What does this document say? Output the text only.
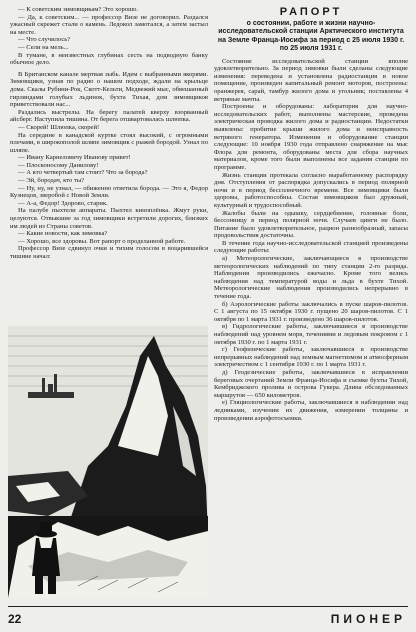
— К советским зимовщикам? Это хорошо.

— Да, к советским... — профессор Визе не договорил. Раздался ужасный скрежет стали о камень. Ледокол замотался, а затем застыл на месте.

— Что случилось?

— Сели на мель...

В тумане, в неизвестных глубинах сесть на подводную банку обычное дело.

В Британском канале мертвая зыбь. Идем с выбранными якорями. Зимовщики, узнав по радио о нашем подходе, ждали на крыльце дома. Скалы Рубини-Рок, Скотт-Кельти, Медвежий мыс, обвешанный гирляндами голубых льдинок, бухта Тихая, дом зимовщиков приветствовали нас...

Раздались выстрелы. На берегу палатей кверху взорванный айсберг. Наступила тишина. От берега отшвартовалась шлюпка.

— Скорей! Шлюпка, скорей!

На середине в канадской куртке стоял высокий, с огромными плечами, в широкополой шляпе зимовщик с рыжей бородой. Узнал по шляпе.

— Ивану Карнеловичу Иванову привет!

— Плосконосому Данилову!

— А кто четвертый там стоит? Что за борода?

— Эй, бородач, кто ты?

— Ну, ну, не узнал, — обиженно ответила борода. — Это я, Федор Кузнецов, зверобой с Новой Земли.

— А-а, Федор! Здорово, старик.

На палубе пыхтели аппараты. Пыхтел киноплёнка. Жмут руки, целуются. Отвыкшие за год зимовщики встретили дорогих, близких им людей из Страны советов.

— Какие новости, как зимовка?

— Хорошо, все здоровы. Вот рапорт о проделанной работе.

Профессор Визе сдвинул очки и тихим голосом в воцарившейся тишине начал:

РАПОРТ
о состоянии, работе и жизни научно-исследовательской станции Арктического института на Земле Франца-Иосифа за период с 25 июля 1930 г. по 25 июля 1931 г.

Состояние исследовательской станции вполне удовлетворительно. За период зимовки были сделаны следующие изменения: переведена и установлена радиостанция в новое помещение, произведен капитальный ремонт моторов, построены: оранжерея, сарай, тамбур жилого дома и угольник; поставлены 4 ветряные мачты.

Построены и оборудованы: лаборатория для научно-исследовательских работ, выполнены мастерские, проведена электрическая проводка жилого дома и радиостанции. Недостатки выявлены: пробитие крыши жилого дома и неисправность ветряного генератора. Изменения и оборудование станции следующие: 10 ноября 1930 года отправлено снаряжение на мыс Флора для ремонта, оборудованы места для сбора научных материалов, кроме того были выполнены все задания станции по программе.

Жизнь станции протекала согласно выработанному распорядку дня. Отступления от распорядка допускались в период полярной ночи и в период бессолнечного времени. Все зимовщики были здоровы, работоспособны. Состав зимовщиков был дружный, культурный и трудоспособный.

Жалобы были на одышку, сердцебиение, головные боли, бессонницу в период полярной ночи. Случаев цинги не было. Питание было удовлетворительное, рацион разнообразный, запасы продовольствия достаточны.

В течение года научно-исследовательской станцией произведены следующие работы:

а) Метеорологические, заключающиеся в производстве метеорологических наблюдений по типу станции 2-го разряда. Наблюдения производились ежечасно. Кроме того велись наблюдения над температурой воды и льда в бухте Тихой. Метеорологические наблюдения производились непрерывно в течение года.

б) Аэрологические работы заключались в пуске шаров-пилотов. С 1 августа по 15 октября 1930 г. пущено 20 шаров-пилотов. С 1 октября по 1 марта 1931 г. произведено 36 шаров-пилотов.

в) Гидрологические работы, заключавшиеся в производстве наблюдений над уровнем моря, течениями и ледовым покровом с 1 октября 1930 г. по 1 марта 1931 г.

г) Геофизические работы, заключавшиеся в производстве непрерывных наблюдений над земным магнетизмом и атмосферным электричеством с 1 сентября 1930 г. по 1 марта 1931 г.

д) Геодезические работы, заключавшиеся в исправлении береговых очертаний Земли Франца-Иосифа и съемке бухты Тихой, Кембриджского пролива и острова Гукера. Длина обследованных маршрутов — 650 километров.

е) Гляциологические работы, заключавшиеся в наблюдении над ледниками, изучении их движения, измерении толщины и произведении аэрофотосъемки.

22	ПИОНЕР
